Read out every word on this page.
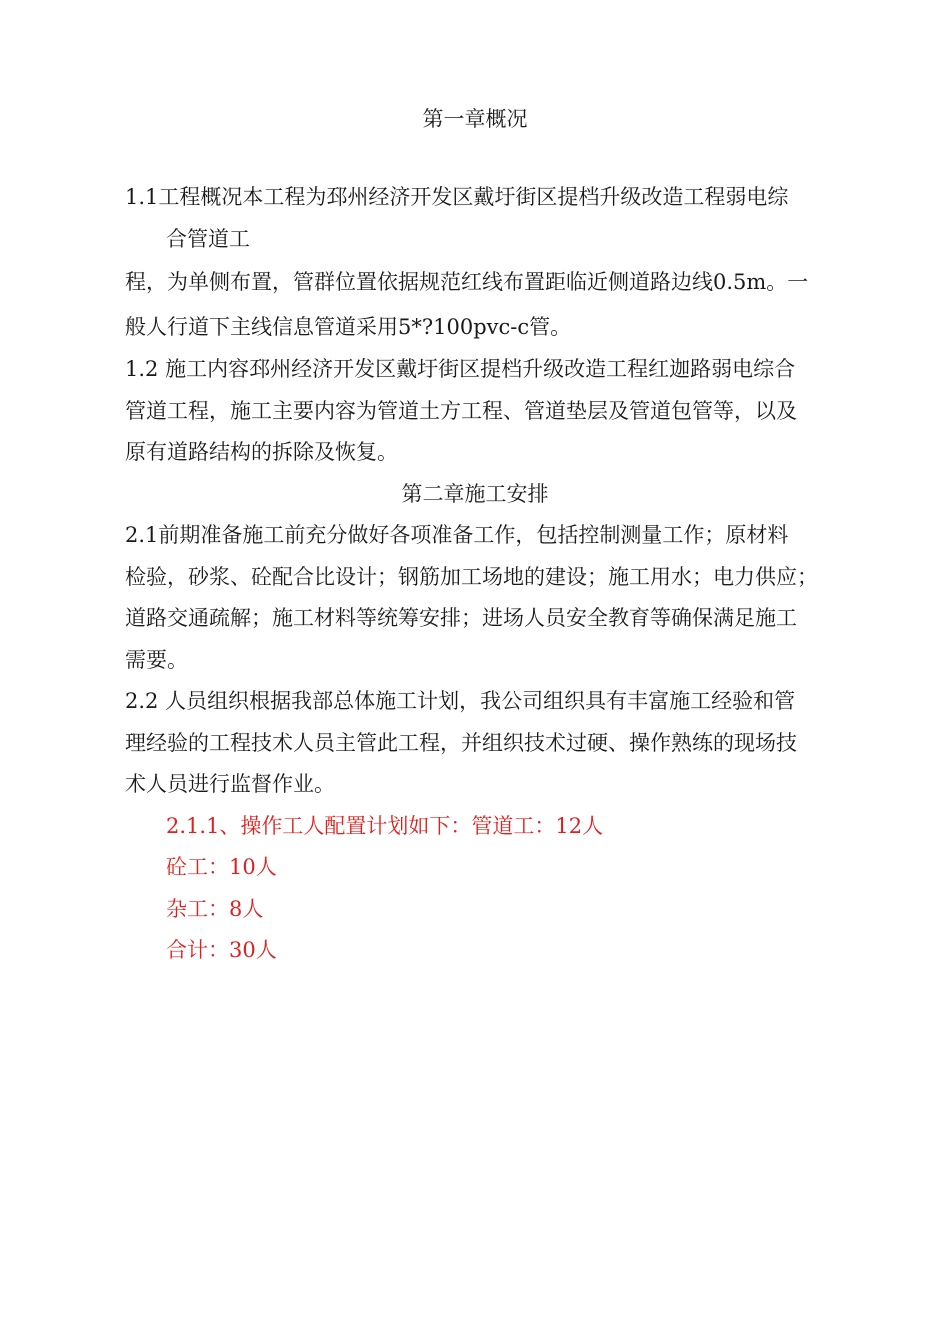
第一章概况
1.1工程概况本工程为邳州经济开发区戴圩街区提档升级改造工程弱电综
合管道工
程，为单侧布置，管群位置依据规范红线布置距临近侧道路边线0.5m。一
般人行道下主线信息管道采用5*?100pvc-c管。
1.2 施工内容邳州经济开发区戴圩街区提档升级改造工程红迦路弱电综合
管道工程，施工主要内容为管道土方工程、管道垫层及管道包管等，以及
原有道路结构的拆除及恢复。
第二章施工安排
2.1前期准备施工前充分做好各项准备工作，包括控制测量工作；原材料
检验，砂浆、砼配合比设计；钢筋加工场地的建设；施工用水；电力供应；
道路交通疏解；施工材料等统筹安排；进场人员安全教育等确保满足施工
需要。
2.2 人员组织根据我部总体施工计划，我公司组织具有丰富施工经验和管
理经验的工程技术人员主管此工程，并组织技术过硬、操作熟练的现场技
术人员进行监督作业。
2.1.1、操作工人配置计划如下：管道工：12人
砼工：10人
杂工：8人
合计：30人
